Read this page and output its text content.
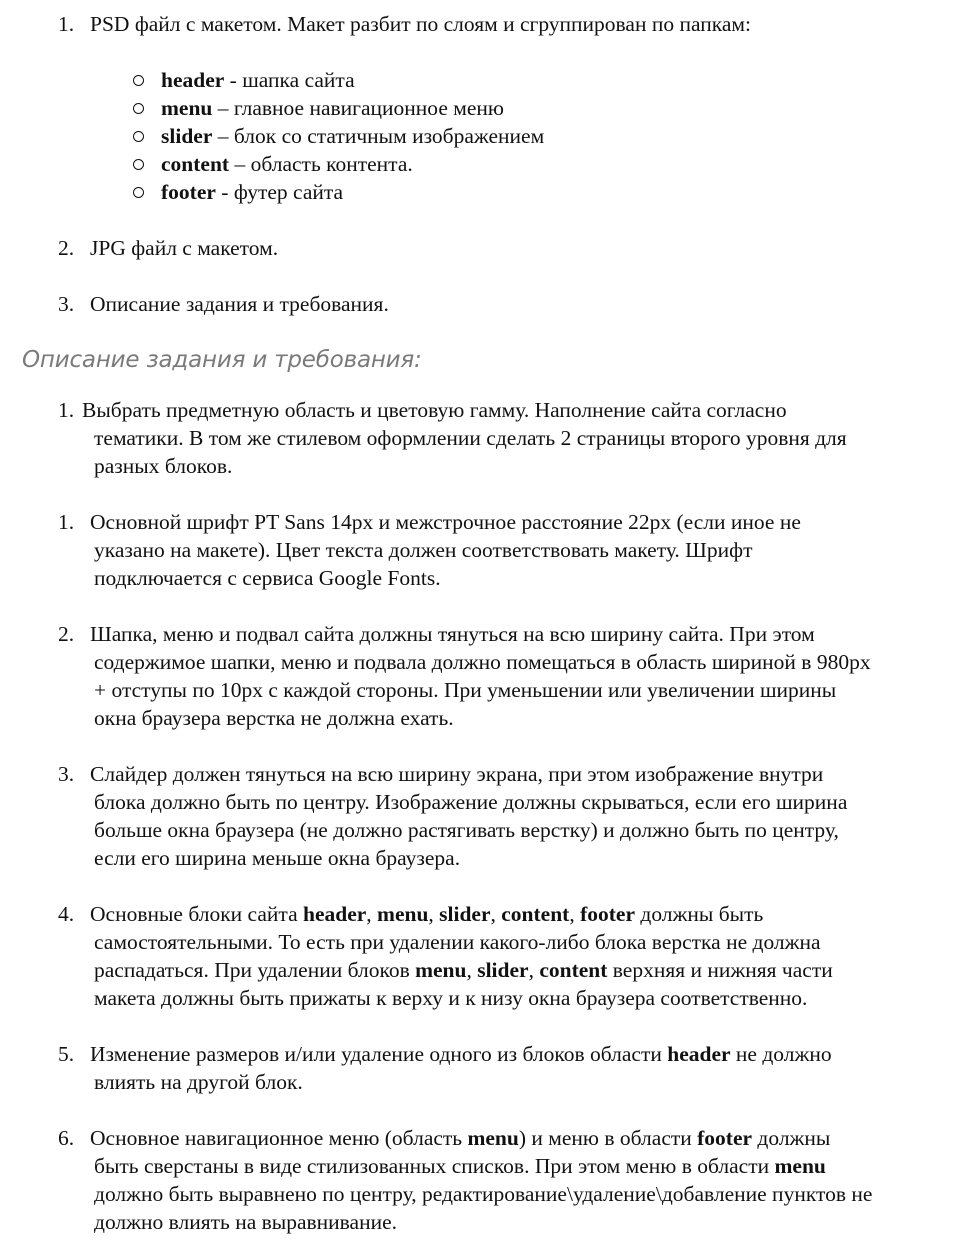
1. PSD файл с макетом. Макет разбит по слоям и сгруппирован по папкам:
header - шапка сайта
menu – главное навигационное меню
slider – блок со статичным изображением
content – область контента.
footer - футер сайта
2. JPG файл с макетом.
3. Описание задания и требования.
Описание задания и требования:
1. Выбрать предметную область и цветовую гамму. Наполнение сайта согласно
тематики. В том же стилевом оформлении сделать 2 страницы второго уровня для
разных блоков.
1. Основной шрифт PT Sans 14px и межстрочное расстояние 22px (если иное не
указано на макете). Цвет текста должен соответствовать макету. Шрифт
подключается с сервиса Google Fonts.
2. Шапка, меню и подвал сайта должны тянуться на всю ширину сайта. При этом
содержимое шапки, меню и подвала должно помещаться в область шириной в 980px
+ отступы по 10px с каждой стороны. При уменьшении или увеличении ширины
окна браузера верстка не должна ехать.
3. Слайдер должен тянуться на всю ширину экрана, при этом изображение внутри
блока должно быть по центру. Изображение должны скрываться, если его ширина
больше окна браузера (не должно растягивать верстку) и должно быть по центру,
если его ширина меньше окна браузера.
4. Основные блоки сайта header, menu, slider, content, footer должны быть
самостоятельными. То есть при удалении какого-либо блока верстка не должна
распадаться. При удалении блоков menu, slider, content верхняя и нижняя части
макета должны быть прижаты к верху и к низу окна браузера соответственно.
5. Изменение размеров и/или удаление одного из блоков области header не должно
влиять на другой блок.
6. Основное навигационное меню (область menu) и меню в области footer должны
быть сверстаны в виде стилизованных списков. При этом меню в области menu
должно быть выравнено по центру, редактирование\удаление\добавление пунктов не
должно влиять на выравнивание.
